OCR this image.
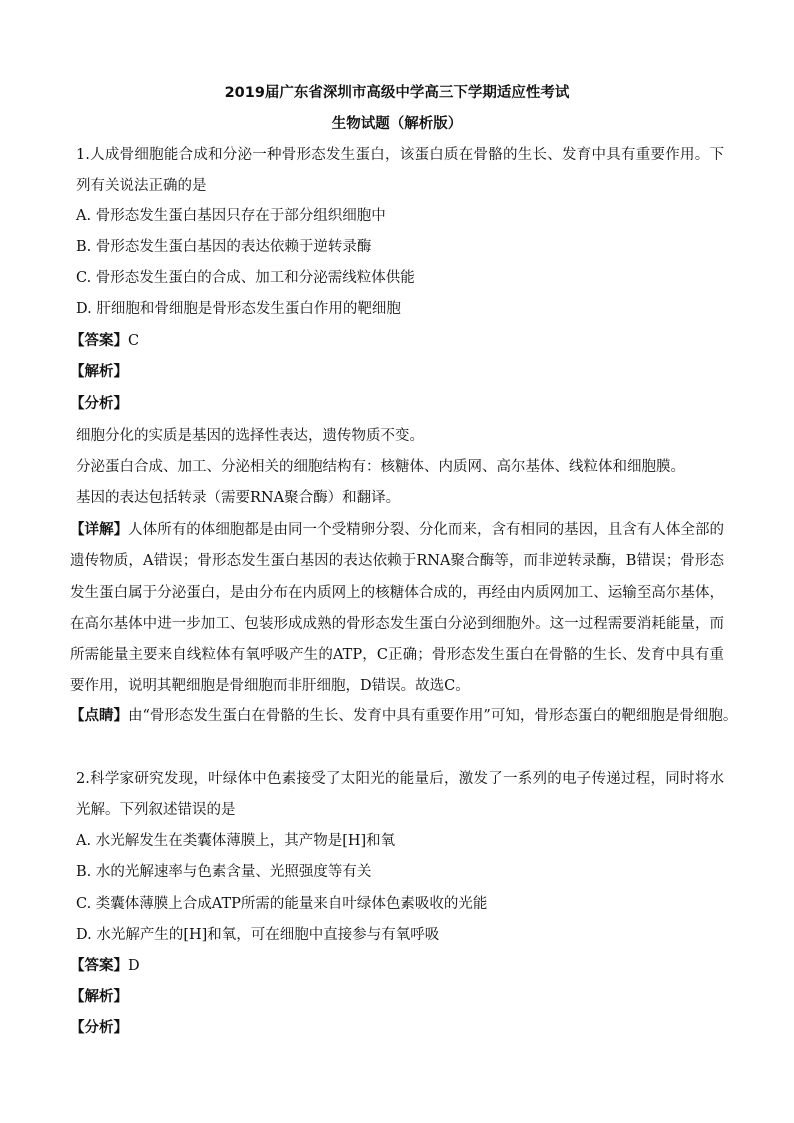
2019届广东省深圳市高级中学高三下学期适应性考试
生物试题（解析版）
1.人成骨细胞能合成和分泌一种骨形态发生蛋白，该蛋白质在骨骼的生长、发育中具有重要作用。下列有关说法正确的是
A. 骨形态发生蛋白基因只存在于部分组织细胞中
B. 骨形态发生蛋白基因的表达依赖于逆转录酶
C. 骨形态发生蛋白的合成、加工和分泌需线粒体供能
D. 肝细胞和骨细胞是骨形态发生蛋白作用的靶细胞
【答案】C
【解析】
【分析】
细胞分化的实质是基因的选择性表达，遗传物质不变。
分泌蛋白合成、加工、分泌相关的细胞结构有：核糖体、内质网、高尔基体、线粒体和细胞膜。
基因的表达包括转录（需要RNA聚合酶）和翻译。
【详解】人体所有的体细胞都是由同一个受精卵分裂、分化而来，含有相同的基因，且含有人体全部的遗传物质，A错误；骨形态发生蛋白基因的表达依赖于RNA聚合酶等，而非逆转录酶，B错误；骨形态发生蛋白属于分泌蛋白，是由分布在内质网上的核糖体合成的，再经由内质网加工、运输至高尔基体，在高尔基体中进一步加工、包装形成成熟的骨形态发生蛋白分泌到细胞外。这一过程需要消耗能量，而所需能量主要来自线粒体有氧呼吸产生的ATP，C正确；骨形态发生蛋白在骨骼的生长、发育中具有重要作用，说明其靶细胞是骨细胞而非肝细胞，D错误。故选C。
【点睛】由“骨形态发生蛋白在骨骼的生长、发育中具有重要作用”可知，骨形态蛋白的靶细胞是骨细胞。
2.科学家研究发现，叶绿体中色素接受了太阳光的能量后，激发了一系列的电子传递过程，同时将水光解。下列叙述错误的是
A. 水光解发生在类囊体薄膜上，其产物是[H]和氧
B. 水的光解速率与色素含量、光照强度等有关
C. 类囊体薄膜上合成ATP所需的能量来自叶绿体色素吸收的光能
D. 水光解产生的[H]和氧，可在细胞中直接参与有氧呼吸
【答案】D
【解析】
【分析】
